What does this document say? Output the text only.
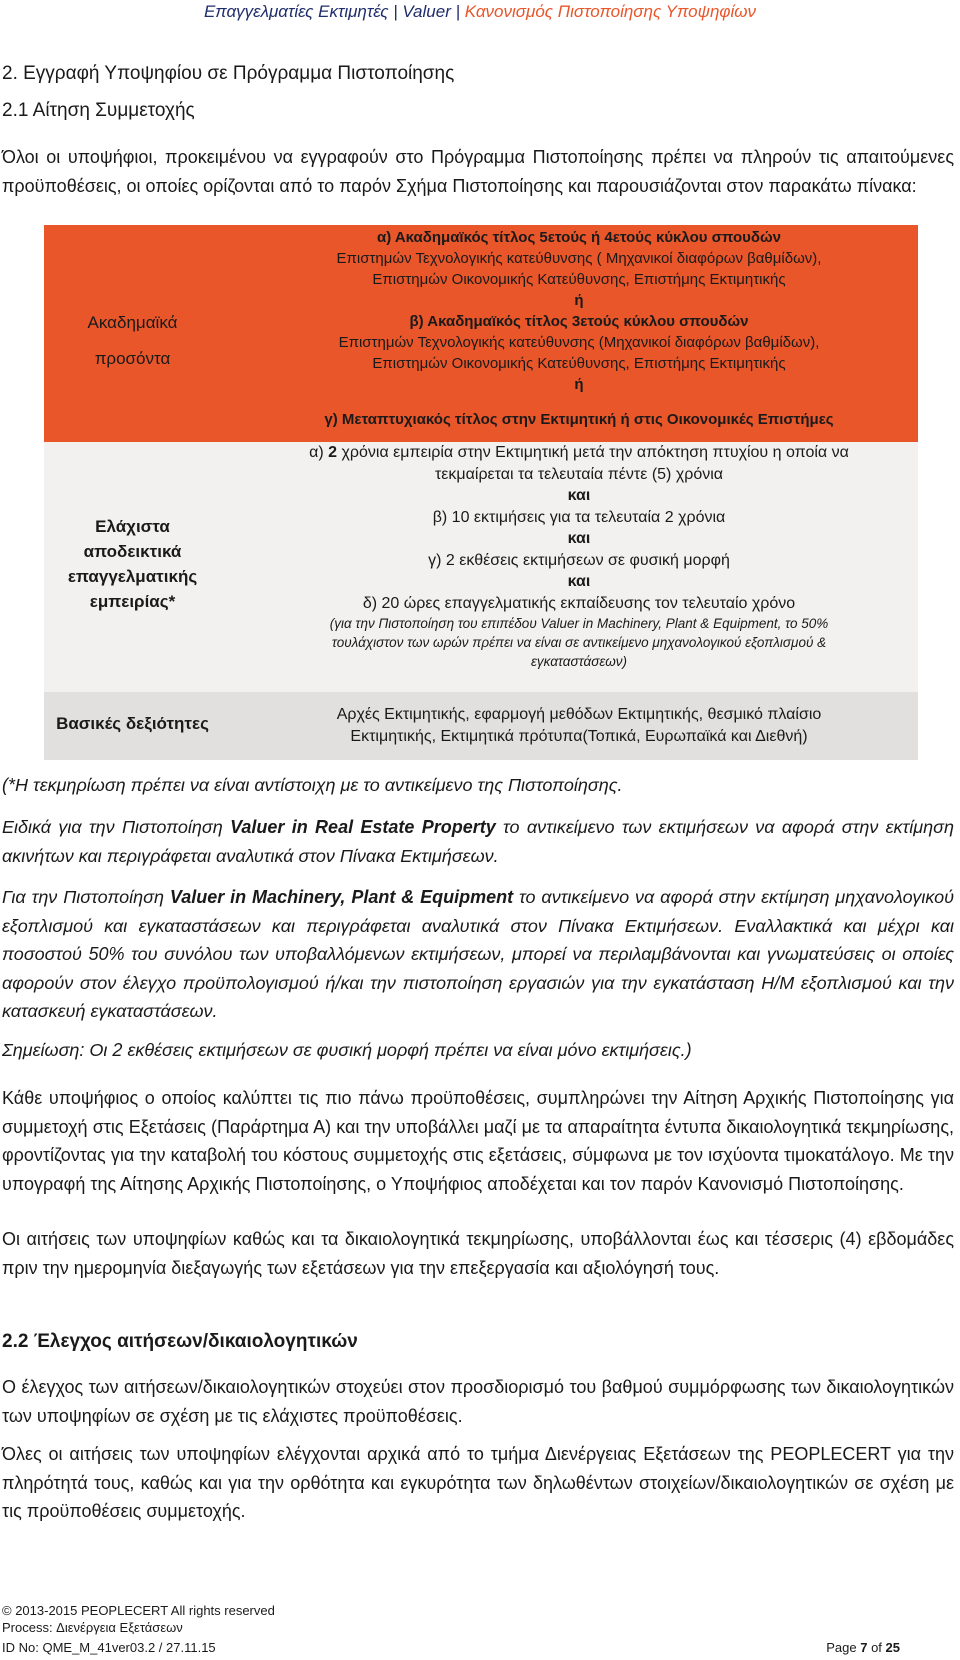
Επαγγελματίες Εκτιμητές | Valuer | Κανονισμός Πιστοποίησης Υποψηφίων
2. Εγγραφή Υποψηφίου σε Πρόγραμμα Πιστοποίησης
2.1 Αίτηση Συμμετοχής
Όλοι οι υποψήφιοι, προκειμένου να εγγραφούν στο Πρόγραμμα Πιστοποίησης πρέπει να πληρούν τις απαιτούμενες προϋποθέσεις, οι οποίες ορίζονται από το παρόν Σχήμα Πιστοποίησης και παρουσιάζονται στον παρακάτω πίνακα:
Ακαδημαϊκά
προσόντα
α) Ακαδημαϊκός τίτλος 5ετούς ή 4ετούς κύκλου σπουδών
Επιστημών Τεχνολογικής κατεύθυνσης ( Μηχανικοί διαφόρων βαθμίδων),
Επιστημών Οικονομικής Κατεύθυνσης, Επιστήμης Εκτιμητικής
ή
β) Ακαδημαϊκός τίτλος 3ετούς κύκλου σπουδών
Επιστημών Τεχνολογικής κατεύθυνσης (Μηχανικοί διαφόρων βαθμίδων),
Επιστημών Οικονομικής Κατεύθυνσης, Επιστήμης Εκτιμητικής
ή
γ) Μεταπτυχιακός τίτλος στην Εκτιμητική ή στις Οικονομικές Επιστήμες
Ελάχιστα
αποδεικτικά
επαγγελματικής
εμπειρίας*
α) 2 χρόνια εμπειρία στην Εκτιμητική μετά την απόκτηση πτυχίου η οποία να
τεκμαίρεται τα τελευταία πέντε (5) χρόνια
και
β) 10 εκτιμήσεις για τα τελευταία 2 χρόνια
και
γ) 2 εκθέσεις εκτιμήσεων σε φυσική μορφή
και
δ) 20 ώρες επαγγελματικής εκπαίδευσης τον τελευταίο χρόνο
(για την Πιστοποίηση του επιπέδου Valuer in Machinery, Plant & Equipment, το 50%
τουλάχιστον των ωρών πρέπει να είναι σε αντικείμενο μηχανολογικού εξοπλισμού &
εγκαταστάσεων)
Βασικές δεξιότητες	Αρχές Εκτιμητικής, εφαρμογή μεθόδων Εκτιμητικής, θεσμικό πλαίσιο
Εκτιμητικής, Εκτιμητικά πρότυπα(Τοπικά, Ευρωπαϊκά και Διεθνή)
(*Η τεκμηρίωση πρέπει να είναι αντίστοιχη με το αντικείμενο της Πιστοποίησης.
Ειδικά για την Πιστοποίηση Valuer in Real Estate Property το αντικείμενο των εκτιμήσεων να αφορά στην εκτίμηση ακινήτων και περιγράφεται αναλυτικά στον Πίνακα Εκτιμήσεων.
Για την Πιστοποίηση Valuer in Machinery, Plant & Equipment το αντικείμενο να αφορά στην εκτίμηση μηχανολογικού εξοπλισμού και εγκαταστάσεων και περιγράφεται αναλυτικά στον Πίνακα Εκτιμήσεων. Εναλλακτικά και μέχρι και ποσοστού 50% του συνόλου των υποβαλλόμενων εκτιμήσεων, μπορεί να περιλαμβάνονται και γνωματεύσεις οι οποίες αφορούν στον έλεγχο προϋπολογισμού ή/και την πιστοποίηση εργασιών για την εγκατάσταση Η/Μ εξοπλισμού και την κατασκευή εγκαταστάσεων.
Σημείωση: Οι 2 εκθέσεις εκτιμήσεων σε φυσική μορφή πρέπει να είναι μόνο εκτιμήσεις.)
Κάθε υποψήφιος ο οποίος καλύπτει τις πιο πάνω προϋποθέσεις, συμπληρώνει την Αίτηση Αρχικής Πιστοποίησης για συμμετοχή στις Εξετάσεις (Παράρτημα Α) και την υποβάλλει μαζί με τα απαραίτητα έντυπα δικαιολογητικά τεκμηρίωσης, φροντίζοντας για την καταβολή του κόστους συμμετοχής στις εξετάσεις, σύμφωνα με τον ισχύοντα τιμοκατάλογο. Με την υπογραφή της Αίτησης Αρχικής Πιστοποίησης, ο Υποψήφιος αποδέχεται και τον παρόν Κανονισμό Πιστοποίησης.
Οι αιτήσεις των υποψηφίων καθώς και τα δικαιολογητικά τεκμηρίωσης, υποβάλλονται έως και τέσσερις (4) εβδομάδες πριν την ημερομηνία διεξαγωγής των εξετάσεων για την επεξεργασία και αξιολόγησή τους.
2.2 Έλεγχος αιτήσεων/δικαιολογητικών
Ο έλεγχος των αιτήσεων/δικαιολογητικών στοχεύει στον προσδιορισμό του βαθμού συμμόρφωσης των δικαιολογητικών των υποψηφίων σε σχέση με τις ελάχιστες προϋποθέσεις.
Όλες οι αιτήσεις των υποψηφίων ελέγχονται αρχικά από το τμήμα Διενέργειας Εξετάσεων της PEOPLECERT για την πληρότητά τους, καθώς και για την ορθότητα και εγκυρότητα των δηλωθέντων στοιχείων/δικαιολογητικών σε σχέση με τις προϋποθέσεις συμμετοχής.
© 2013-2015 PEOPLECERT All rights reserved
Process: Διενέργεια Εξετάσεων
ID No: QME_M_41ver03.2 / 27.11.15	Page 7 of 25
